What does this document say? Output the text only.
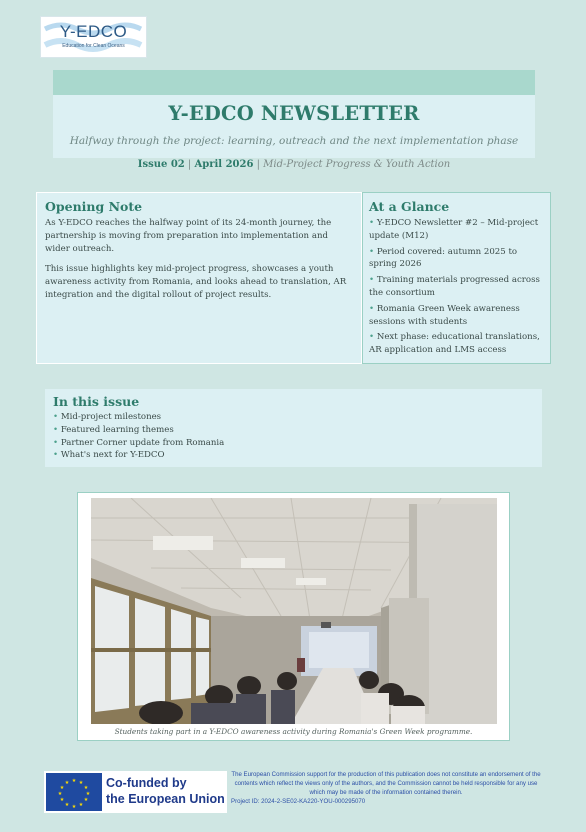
Y-EDCO
Education for Clean Oceans
Y-EDCO NEWSLETTER
Halfway through the project: learning, outreach and the next implementation phase
Issue 02 | April 2026 | Mid-Project Progress & Youth Action
Opening Note
As Y-EDCO reaches the halfway point of its 24-month journey, the partnership is moving from preparation into implementation and wider outreach.
This issue highlights key mid-project progress, showcases a youth awareness activity from Romania, and looks ahead to translation, AR integration and the digital rollout of project results.
At a Glance
• Y-EDCO Newsletter #2 – Mid-project update (M12)
• Period covered: autumn 2025 to spring 2026
• Training materials progressed across the consortium
• Romania Green Week awareness sessions with students
• Next phase: educational translations, AR application and LMS access
In this issue
• Mid-project milestones
• Featured learning themes
• Partner Corner update from Romania
• What's next for Y-EDCO
Students taking part in a Y-EDCO awareness activity during Romania's Green Week programme.
★ ★
★
★
★
★
★
★
★
★
★
★	Co-funded by
the European Union
The European Commission support for the production of this publication does not constitute an endorsement of the contents which reflect the views only of the authors, and the Commission cannot be held responsible for any use which may be made of the information contained therein.
Project ID: 2024-2-SE02-KA220-YOU-000295070
